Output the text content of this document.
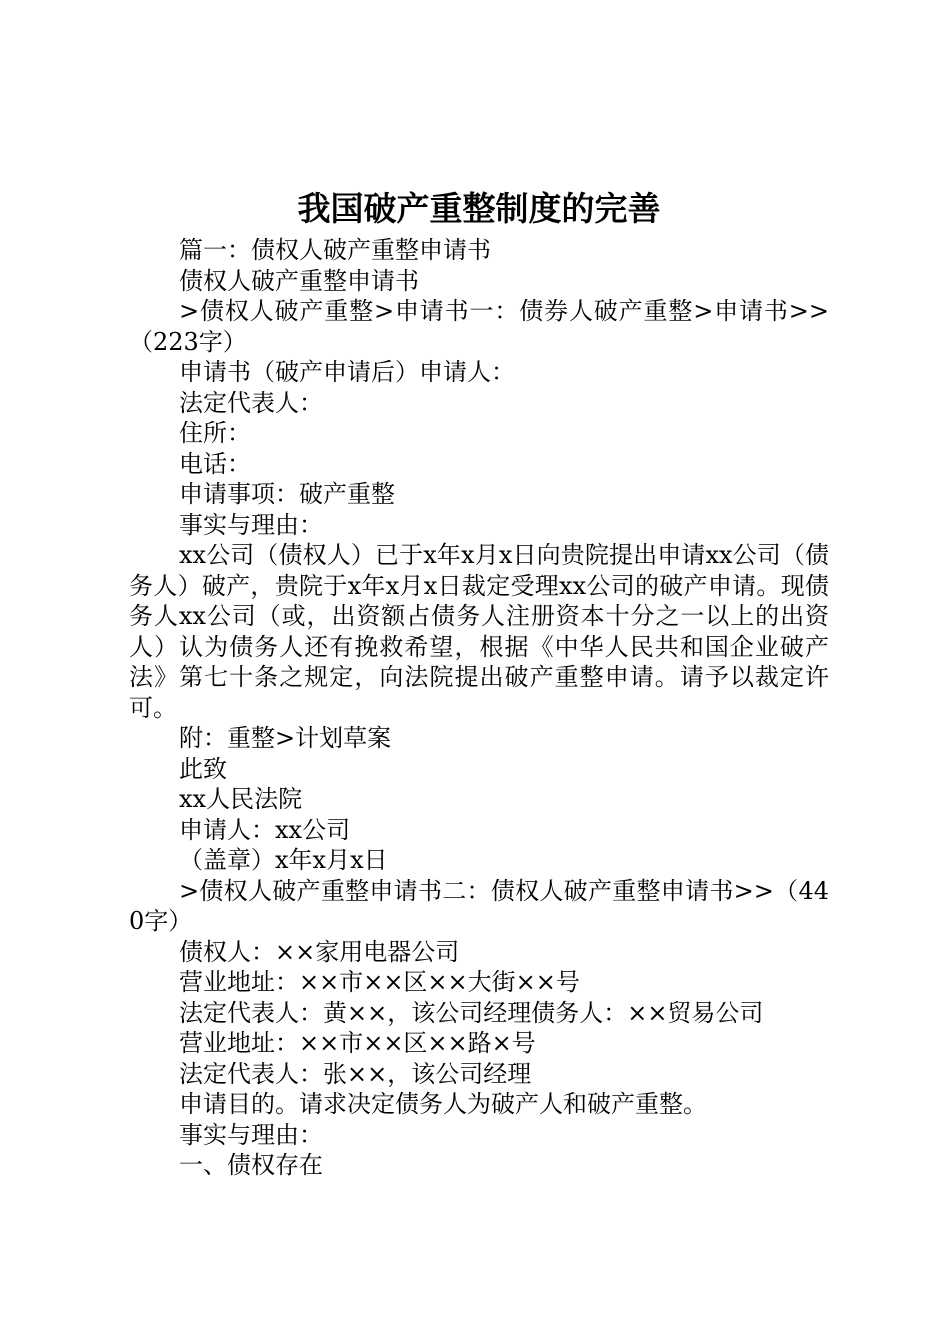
我国破产重整制度的完善

篇一：债权人破产重整申请书

债权人破产重整申请书

>债权人破产重整>申请书一：债券人破产重整>申请书>>（223字）

申请书（破产申请后）申请人：

法定代表人：

住所：

电话：

申请事项：破产重整

事实与理由：

xx公司（债权人）已于x年x月x日向贵院提出申请xx公司（债务人）破产，贵院于x年x月x日裁定受理xx公司的破产申请。现债务人xx公司（或，出资额占债务人注册资本十分之一以上的出资人）认为债务人还有挽救希望，根据《中华人民共和国企业破产法》第七十条之规定，向法院提出破产重整申请。请予以裁定许可。

附：重整>计划草案

此致

xx人民法院

申请人：xx公司

（盖章）x年x月x日

>债权人破产重整申请书二：债权人破产重整申请书>>（440字）

债权人：××家用电器公司

营业地址：××市××区××大街××号

法定代表人：黄××，该公司经理债务人：××贸易公司

营业地址：××市××区××路×号

法定代表人：张××，该公司经理

申请目的。请求决定债务人为破产人和破产重整。

事实与理由：

一、债权存在
